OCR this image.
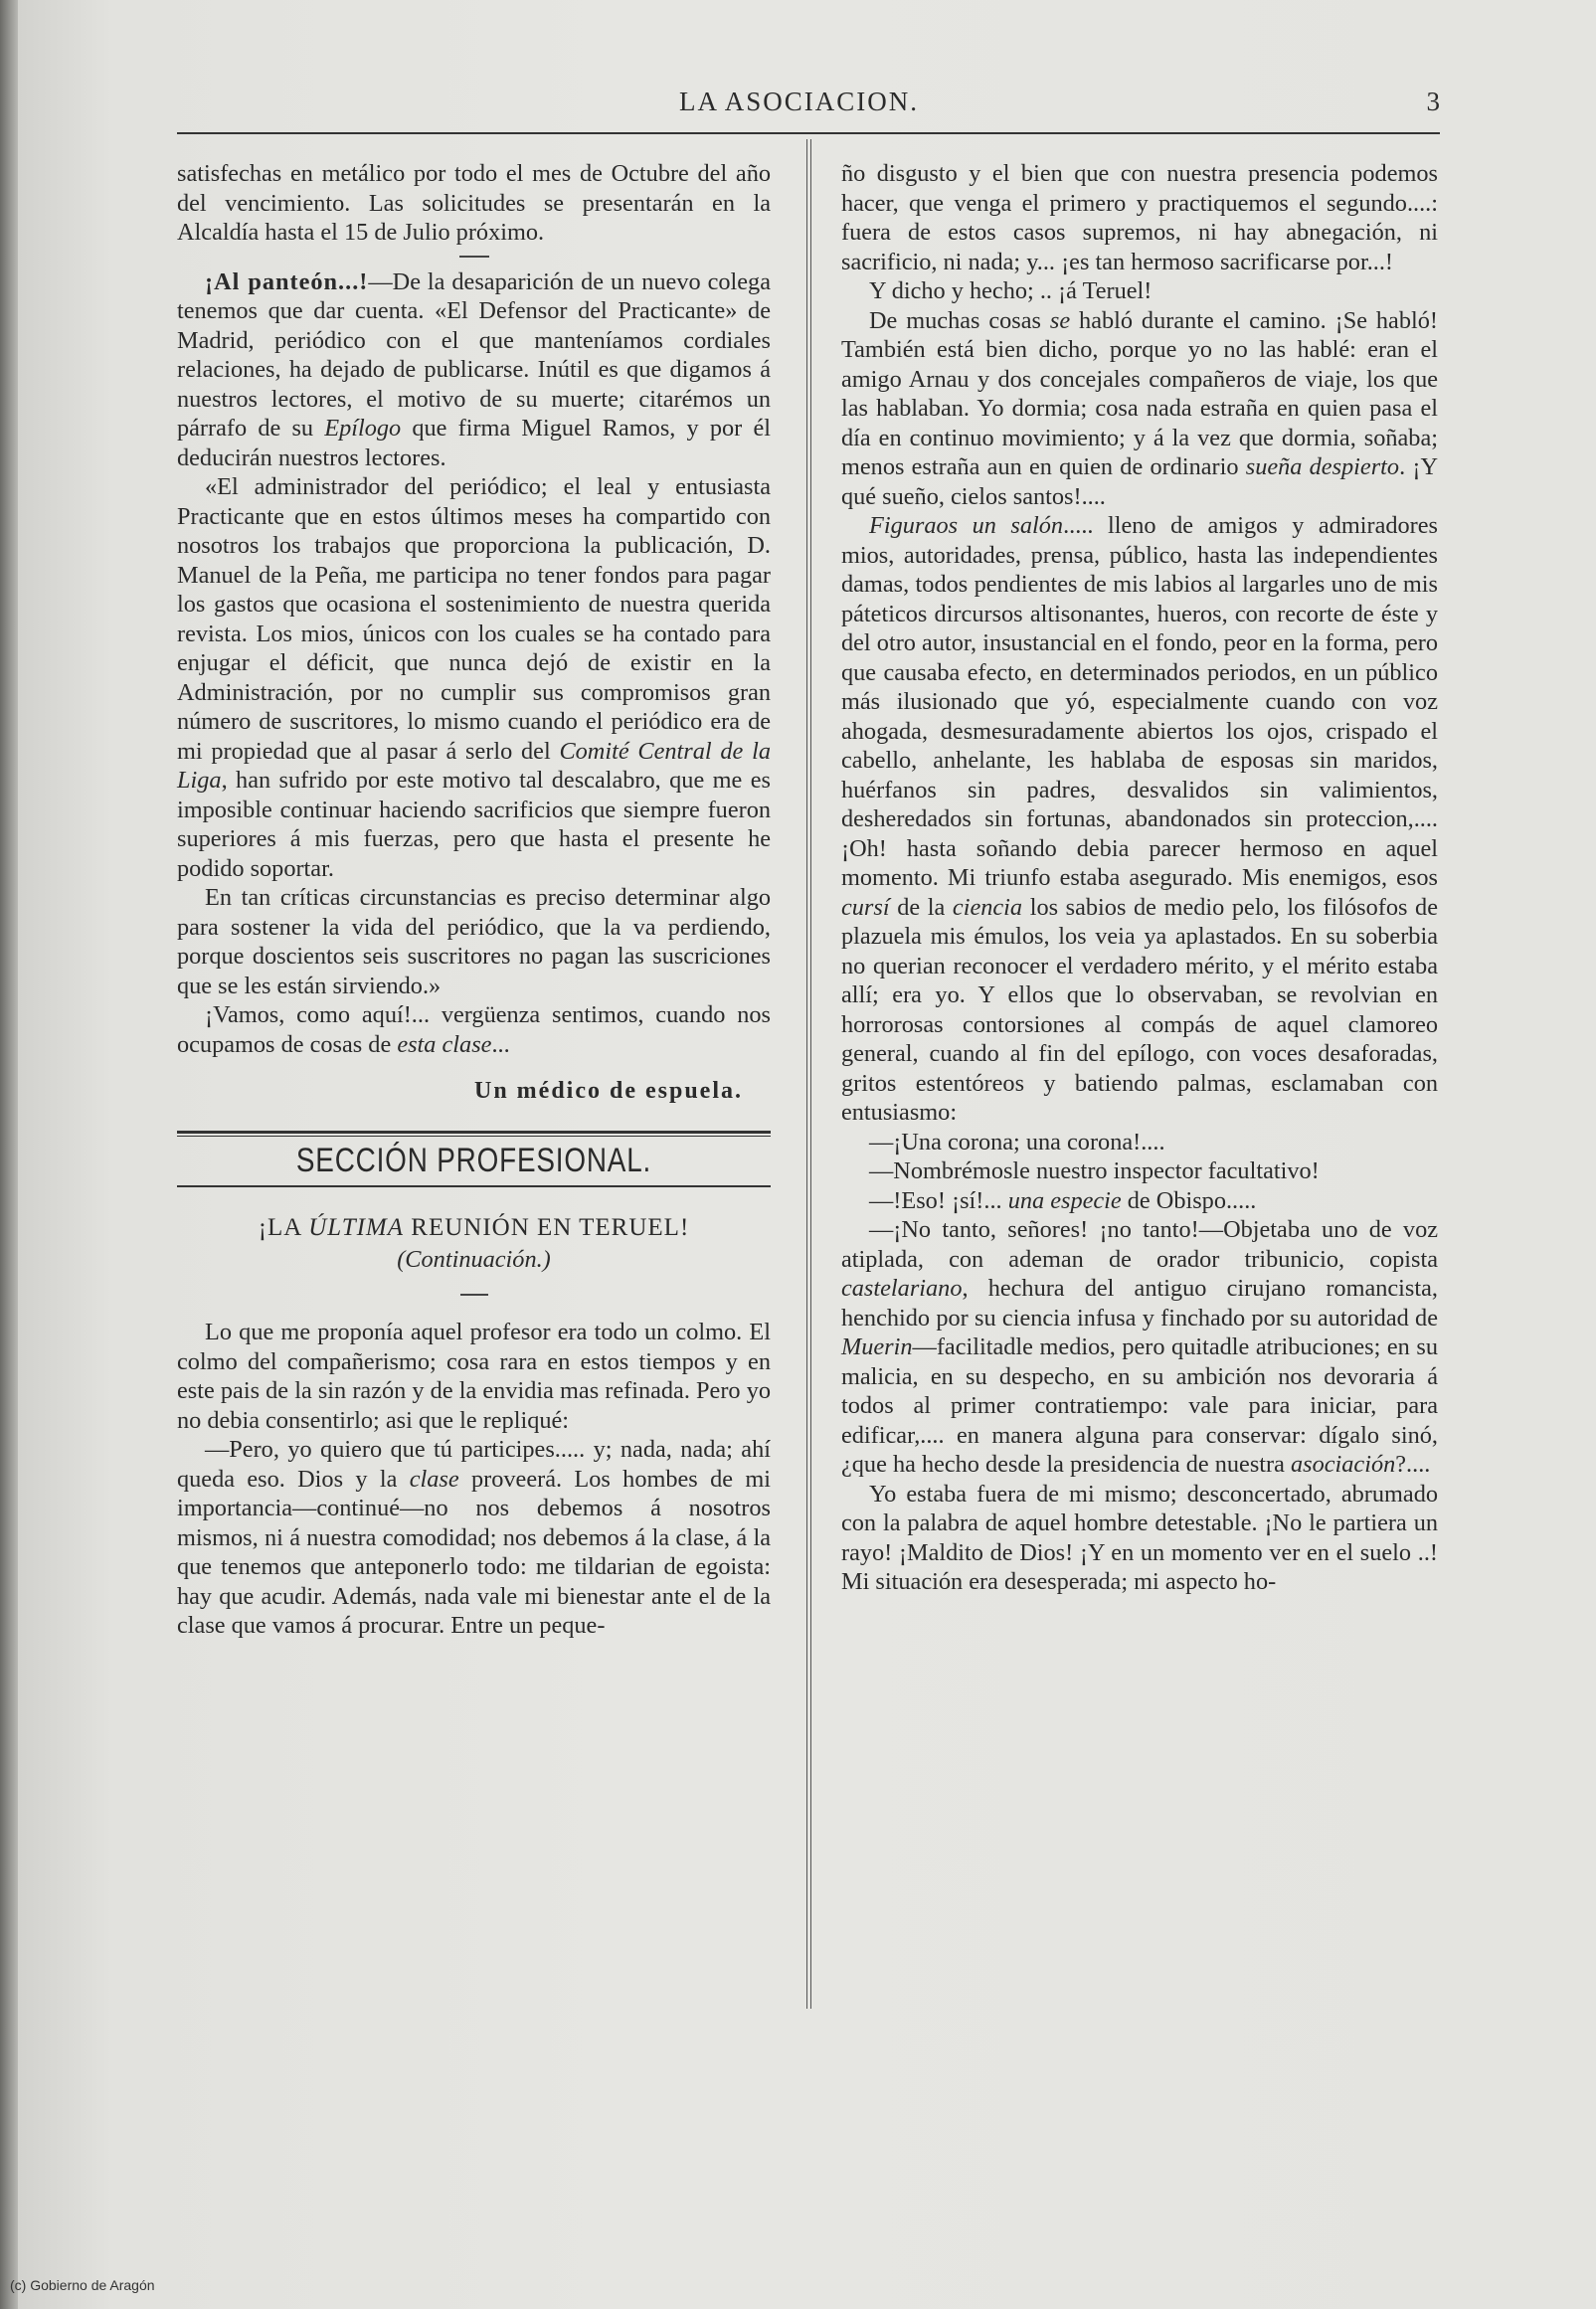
LA ASOCIACION.	3

satisfechas en metálico por todo el mes de Octubre del año del vencimiento. Las solicitudes se presentarán en la Alcaldía hasta el 15 de Julio próximo.

¡Al panteón...!—De la desaparición de un nuevo colega tenemos que dar cuenta. «El Defensor del Practicante» de Madrid, periódico con el que manteníamos cordiales relaciones, ha dejado de publicarse. Inútil es que digamos á nuestros lectores, el motivo de su muerte; citarémos un párrafo de su Epílogo que firma Miguel Ramos, y por él deducirán nuestros lectores.

«El administrador del periódico; el leal y entusiasta Practicante que en estos últimos meses ha compartido con nosotros los trabajos que proporciona la publicación, D. Manuel de la Peña, me participa no tener fondos para pagar los gastos que ocasiona el sostenimiento de nuestra querida revista. Los mios, únicos con los cuales se ha contado para enjugar el déficit, que nunca dejó de existir en la Administración, por no cumplir sus compromisos gran número de suscritores, lo mismo cuando el periódico era de mi propiedad que al pasar á serlo del Comité Central de la Liga, han sufrido por este motivo tal descalabro, que me es imposible continuar haciendo sacrificios que siempre fueron superiores á mis fuerzas, pero que hasta el presente he podido soportar.

En tan críticas circunstancias es preciso determinar algo para sostener la vida del periódico, que la va perdiendo, porque doscientos seis suscritores no pagan las suscriciones que se les están sirviendo.»

¡Vamos, como aquí!... vergüenza sentimos, cuando nos ocupamos de cosas de esta clase...

Un médico de espuela.
SECCIÓN PROFESIONAL.
¡LA ÚLTIMA REUNIÓN EN TERUEL!
(Continuación.)

Lo que me proponía aquel profesor era todo un colmo. El colmo del compañerismo; cosa rara en estos tiempos y en este pais de la sin razón y de la envidia mas refinada. Pero yo no debia consentirlo; asi que le repliqué:

—Pero, yo quiero que tú participes..... y; nada, nada; ahí queda eso. Dios y la clase proveerá. Los hombes de mi importancia—continué—no nos debemos á nosotros mismos, ni á nuestra comodidad; nos debemos á la clase, á la que tenemos que anteponerlo todo: me tildarian de egoista: hay que acudir. Además, nada vale mi bienestar ante el de la clase que vamos á procurar. Entre un peque-

ño disgusto y el bien que con nuestra presencia podemos hacer, que venga el primero y practiquemos el segundo....: fuera de estos casos supremos, ni hay abnegación, ni sacrificio, ni nada; y... ¡es tan hermoso sacrificarse por...!

Y dicho y hecho; .. ¡á Teruel!

De muchas cosas se habló durante el camino. ¡Se habló! También está bien dicho, porque yo no las hablé: eran el amigo Arnau y dos concejales compañeros de viaje, los que las hablaban. Yo dormia; cosa nada estraña en quien pasa el día en continuo movimiento; y á la vez que dormia, soñaba; menos estraña aun en quien de ordinario sueña despierto. ¡Y qué sueño, cielos santos!....

Figuraos un salón..... lleno de amigos y admiradores mios, autoridades, prensa, público, hasta las independientes damas, todos pendientes de mis labios al largarles uno de mis páteticos dircursos altisonantes, hueros, con recorte de éste y del otro autor, insustancial en el fondo, peor en la forma, pero que causaba efecto, en determinados periodos, en un público más ilusionado que yó, especialmente cuando con voz ahogada, desmesuradamente abiertos los ojos, crispado el cabello, anhelante, les hablaba de esposas sin maridos, huérfanos sin padres, desvalidos sin valimientos, desheredados sin fortunas, abandonados sin proteccion,.... ¡Oh! hasta soñando debia parecer hermoso en aquel momento. Mi triunfo estaba asegurado. Mis enemigos, esos cursí de la ciencia los sabios de medio pelo, los filósofos de plazuela mis émulos, los veia ya aplastados. En su soberbia no querian reconocer el verdadero mérito, y el mérito estaba allí; era yo. Y ellos que lo observaban, se revolvian en horrorosas contorsiones al compás de aquel clamoreo general, cuando al fin del epílogo, con voces desaforadas, gritos estentóreos y batiendo palmas, esclamaban con entusiasmo:

—¡Una corona; una corona!....

—Nombrémosle nuestro inspector facultativo!

—!Eso! ¡sí!... una especie de Obispo.....

—¡No tanto, señores! ¡no tanto!—Objetaba uno de voz atiplada, con ademan de orador tribunicio, copista castelariano, hechura del antiguo cirujano romancista, henchido por su ciencia infusa y finchado por su autoridad de Muerin—facilitadle medios, pero quitadle atribuciones; en su malicia, en su despecho, en su ambición nos devoraria á todos al primer contratiempo: vale para iniciar, para edificar,.... en manera alguna para conservar: dígalo sinó, ¿que ha hecho desde la presidencia de nuestra asociación?....

Yo estaba fuera de mi mismo; desconcertado, abrumado con la palabra de aquel hombre detestable. ¡No le partiera un rayo! ¡Maldito de Dios! ¡Y en un momento ver en el suelo ..! Mi situación era desesperada; mi aspecto ho-

(c) Gobierno de Aragón
